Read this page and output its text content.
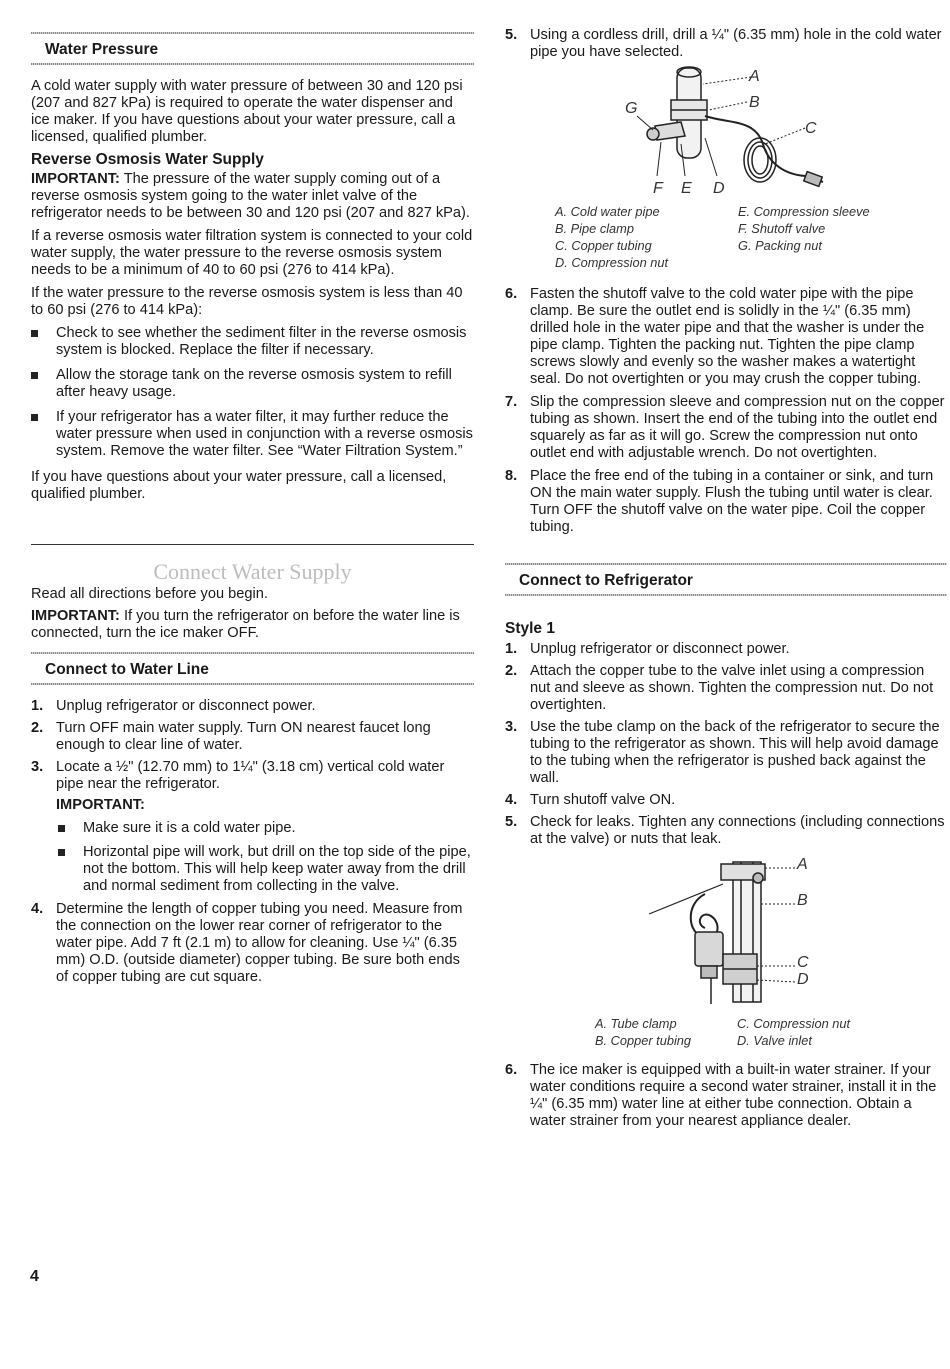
Water Pressure

A cold water supply with water pressure of between 30 and 120 psi (207 and 827 kPa) is required to operate the water dispenser and ice maker. If you have questions about your water pressure, call a licensed, qualified plumber.

Reverse Osmosis Water Supply

IMPORTANT: The pressure of the water supply coming out of a reverse osmosis system going to the water inlet valve of the refrigerator needs to be between 30 and 120 psi (207 and 827 kPa).

If a reverse osmosis water filtration system is connected to your cold water supply, the water pressure to the reverse osmosis system needs to be a minimum of 40 to 60 psi (276 to 414 kPa).

If the water pressure to the reverse osmosis system is less than 40 to 60 psi (276 to 414 kPa):

Check to see whether the sediment filter in the reverse osmosis system is blocked. Replace the filter if necessary.

Allow the storage tank on the reverse osmosis system to refill after heavy usage.

If your refrigerator has a water filter, it may further reduce the water pressure when used in conjunction with a reverse osmosis system. Remove the water filter. See “Water Filtration System.”

If you have questions about your water pressure, call a licensed, qualified plumber.

Connect Water Supply

Read all directions before you begin.

IMPORTANT: If you turn the refrigerator on before the water line is connected, turn the ice maker OFF.

Connect to Water Line
1. Unplug refrigerator or disconnect power.

2. Turn OFF main water supply. Turn ON nearest faucet long enough to clear line of water.

3. Locate a ½" (12.70 mm) to 1¼" (3.18 cm) vertical cold water pipe near the refrigerator.

IMPORTANT:

Make sure it is a cold water pipe.

Horizontal pipe will work, but drill on the top side of the pipe, not the bottom. This will help keep water away from the drill and normal sediment from collecting in the valve.

4. Determine the length of copper tubing you need. Measure from the connection on the lower rear corner of refrigerator to the water pipe. Add 7 ft (2.1 m) to allow for cleaning. Use ¼" (6.35 mm) O.D. (outside diameter) copper tubing. Be sure both ends of copper tubing are cut square.

5. Using a cordless drill, drill a ¼" (6.35 mm) hole in the cold water pipe you have selected.

A
B
C
G
F E D
A. Cold water pipe
B. Pipe clamp
C. Copper tubing
D. Compression nut
E. Compression sleeve
F. Shutoff valve
G. Packing nut
6. Fasten the shutoff valve to the cold water pipe with the pipe clamp. Be sure the outlet end is solidly in the ¼" (6.35 mm) drilled hole in the water pipe and that the washer is under the pipe clamp. Tighten the packing nut. Tighten the pipe clamp screws slowly and evenly so the washer makes a watertight seal. Do not overtighten or you may crush the copper tubing.

7. Slip the compression sleeve and compression nut on the copper tubing as shown. Insert the end of the tubing into the outlet end squarely as far as it will go. Screw the compression nut onto outlet end with adjustable wrench. Do not overtighten.

8. Place the free end of the tubing in a container or sink, and turn ON the main water supply. Flush the tubing until water is clear. Turn OFF the shutoff valve on the water pipe. Coil the copper tubing.

Connect to Refrigerator
Style 1
1. Unplug refrigerator or disconnect power.

2. Attach the copper tube to the valve inlet using a compression nut and sleeve as shown. Tighten the compression nut. Do not overtighten.

3. Use the tube clamp on the back of the refrigerator to secure the tubing to the refrigerator as shown. This will help avoid damage to the tubing when the refrigerator is pushed back against the wall.

4. Turn shutoff valve ON.

5. Check for leaks. Tighten any connections (including connections at the valve) or nuts that leak.

A
B
C
D
A. Tube clamp
B. Copper tubing
C. Compression nut
D. Valve inlet
6. The ice maker is equipped with a built-in water strainer. If your water conditions require a second water strainer, install it in the ¼" (6.35 mm) water line at either tube connection. Obtain a water strainer from your nearest appliance dealer.

4
